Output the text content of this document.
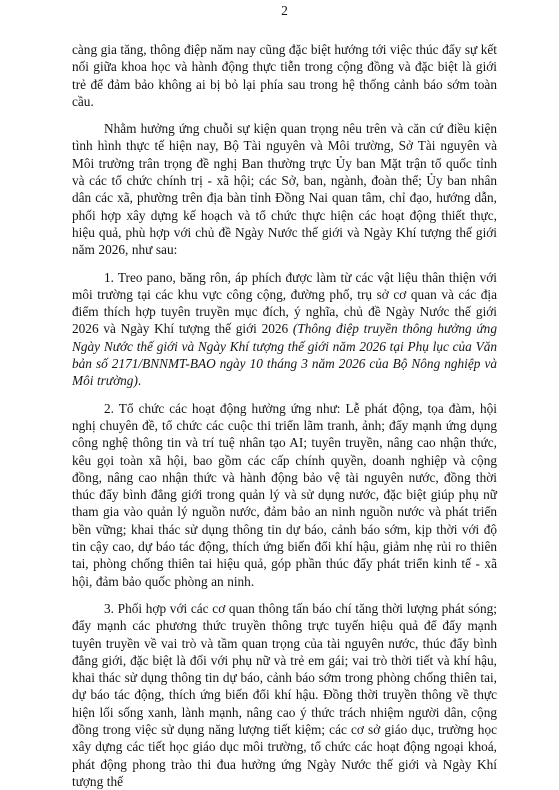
2

càng gia tăng, thông điệp năm nay cũng đặc biệt hướng tới việc thúc đẩy sự kết nối giữa khoa học và hành động thực tiễn trong cộng đồng và đặc biệt là giới trẻ để đảm bảo không ai bị bỏ lại phía sau trong hệ thống cảnh báo sớm toàn cầu.

Nhằm hưởng ứng chuỗi sự kiện quan trọng nêu trên và căn cứ điều kiện tình hình thực tế hiện nay, Bộ Tài nguyên và Môi trường, Sở Tài nguyên và Môi trường trân trọng đề nghị Ban thường trực Ủy ban Mặt trận tổ quốc tỉnh và các tổ chức chính trị - xã hội; các Sở, ban, ngành, đoàn thể; Ủy ban nhân dân các xã, phường trên địa bàn tỉnh Đồng Nai quan tâm, chỉ đạo, hướng dẫn, phối hợp xây dựng kế hoạch và tổ chức thực hiện các hoạt động thiết thực, hiệu quả, phù hợp với chủ đề Ngày Nước thế giới và Ngày Khí tượng thế giới năm 2026, như sau:

1. Treo pano, băng rôn, áp phích được làm từ các vật liệu thân thiện với môi trường tại các khu vực công cộng, đường phố, trụ sở cơ quan và các địa điểm thích hợp tuyên truyền mục đích, ý nghĩa, chủ đề Ngày Nước thế giới 2026 và Ngày Khí tượng thế giới 2026 (Thông điệp truyền thông hưởng ứng Ngày Nước thế giới và Ngày Khí tượng thế giới năm 2026 tại Phụ lục của Văn bản số 2171/BNNMT-BAO ngày 10 tháng 3 năm 2026 của Bộ Nông nghiệp và Môi trường).

2. Tổ chức các hoạt động hưởng ứng như: Lễ phát động, tọa đàm, hội nghị chuyên đề, tổ chức các cuộc thi triển lãm tranh, ảnh; đẩy mạnh ứng dụng công nghệ thông tin và trí tuệ nhân tạo AI; tuyên truyền, nâng cao nhận thức, kêu gọi toàn xã hội, bao gồm các cấp chính quyền, doanh nghiệp và cộng đồng, nâng cao nhận thức và hành động bảo vệ tài nguyên nước, đồng thời thúc đẩy bình đẳng giới trong quản lý và sử dụng nước, đặc biệt giúp phụ nữ tham gia vào quản lý nguồn nước, đảm bảo an ninh nguồn nước và phát triển bền vững; khai thác sử dụng thông tin dự báo, cảnh báo sớm, kịp thời với độ tin cậy cao, dự báo tác động, thích ứng biến đổi khí hậu, giảm nhẹ rủi ro thiên tai, phòng chống thiên tai hiệu quả, góp phần thúc đẩy phát triển kinh tế - xã hội, đảm bảo quốc phòng an ninh.

3. Phối hợp với các cơ quan thông tấn báo chí tăng thời lượng phát sóng; đẩy mạnh các phương thức truyền thông trực tuyến hiệu quả để đẩy mạnh tuyên truyền về vai trò và tầm quan trọng của tài nguyên nước, thúc đẩy bình đẳng giới, đặc biệt là đối với phụ nữ và trẻ em gái; vai trò thời tiết và khí hậu, khai thác sử dụng thông tin dự báo, cảnh báo sớm trong phòng chống thiên tai, dự báo tác động, thích ứng biến đổi khí hậu. Đồng thời truyền thông về thực hiện lối sống xanh, lành mạnh, nâng cao ý thức trách nhiệm người dân, cộng đồng trong việc sử dụng năng lượng tiết kiệm; các cơ sở giáo dục, trường học xây dựng các tiết học giáo dục môi trường, tổ chức các hoạt động ngoại khoá, phát động phong trào thi đua hưởng ứng Ngày Nước thế giới và Ngày Khí tượng thế
